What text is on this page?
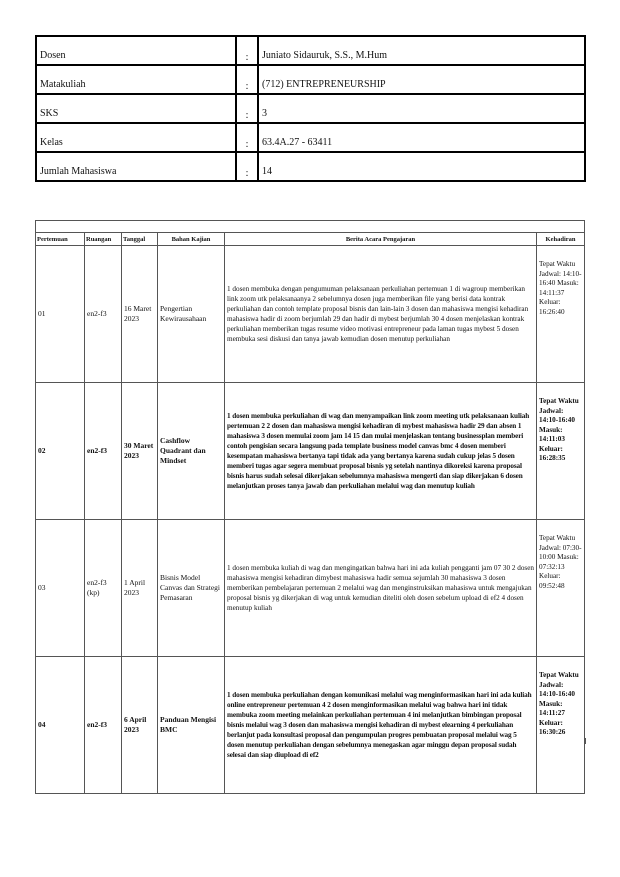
Dosen	:	Juniato Sidauruk, S.S., M.Hum
Matakuliah	:	(712) ENTREPRENEURSHIP
SKS	:	3
Kelas	:	63.4A.27 - 63411
Jumlah Mahasiswa	:	14

Pertemuan	Ruangan	Tanggal	Bahan Kajian	Berita Acara Pengajaran	Kehadiran
01	en2-f3	16 Maret 2023	Pengertian Kewirausahaan	1 dosen membuka dengan pengumuman pelaksanaan perkuliahan pertemuan 1 di wagroup memberikan link zoom utk pelaksanaanya 2 sebelumnya dosen juga memberikan file yang berisi data kontrak perkuliahan dan contoh template proposal bisnis dan lain-lain 3 dosen dan mahasiswa mengisi kehadiran mahasiswa hadir di zoom berjumlah 29 dan hadir di mybest berjumlah 30 4 dosen menjelaskan kontrak perkuliahan memberikan tugas resume video motivasi entrepreneur pada laman tugas mybest 5 dosen membuka sesi diskusi dan tanya jawab kemudian dosen menutup perkuliahan	Tepat Waktu Jadwal: 14:10-16:40 Masuk: 14:11:37 Keluar: 16:26:40
02	en2-f3	30 Maret 2023	Cashflow Quadrant dan Mindset	1 dosen membuka perkuliahan di wag dan menyampaikan link zoom meeting utk pelaksanaan kuliah pertemuan 2 2 dosen dan mahasiswa mengisi kehadiran di mybest mahasiswa hadir 29 dan absen 1 mahasiswa 3 dosen memulai zoom jam 14 15 dan mulai menjelaskan tentang businessplan memberi contoh pengisian secara langsung pada template business model canvas bmc 4 dosen memberi kesempatan mahasiswa bertanya tapi tidak ada yang bertanya karena sudah cukup jelas 5 dosen memberi tugas agar segera membuat proposal bisnis yg setelah nantinya dikoreksi karena proposal bisnis harus sudah selesai dikerjakan sebelumnya mahasiswa mengerti dan siap dikerjakan 6 dosen melanjutkan proses tanya jawab dan perkuliahan melalui wag dan menutup kuliah	Tepat Waktu Jadwal: 14:10-16:40 Masuk: 14:11:03 Keluar: 16:28:35
03	en2-f3 (kp)	1 April 2023	Bisnis Model Canvas dan Strategi Pemasaran	1 dosen membuka kuliah di wag dan mengingatkan bahwa hari ini ada kuliah pengganti jam 07 30 2 dosen mahasiswa mengisi kehadiran dimybest mahasiswa hadir semua sejumlah 30 mahasiswa 3 dosen memberikan pembelajaran pertemuan 2 melalui wag dan menginstruksikan mahasiswa untuk mengajukan proposal bisnis yg dikerjakan di wag untuk kemudian diteliti oleh dosen sebelum upload di ef2 4 dosen menutup kuliah	Tepat Waktu Jadwal: 07:30-10:00 Masuk: 07:32:13 Keluar: 09:52:48
04	en2-f3	6 April 2023	Panduan Mengisi BMC	1 dosen membuka perkuliahan dengan komunikasi melalui wag menginformasikan hari ini ada kuliah online entrepreneur pertemuan 4 2 dosen menginformasikan melalui wag bahwa hari ini tidak membuka zoom meeting melainkan perkuliahan pertemuan 4 ini melanjutkan bimbingan proposal bisnis melalui wag 3 dosen dan mahasiswa mengisi kehadiran di mybest elearning 4 perkuliahan berlanjut pada konsultasi proposal dan pengumpulan progres pembuatan proposal melalui wag 5 dosen menutup perkuliahan dengan sebelumnya menegaskan agar minggu depan proposal sudah selesai dan siap diupload di ef2	Tepat Waktu Jadwal: 14:10-16:40 Masuk: 14:11:27 Keluar: 16:30:26
